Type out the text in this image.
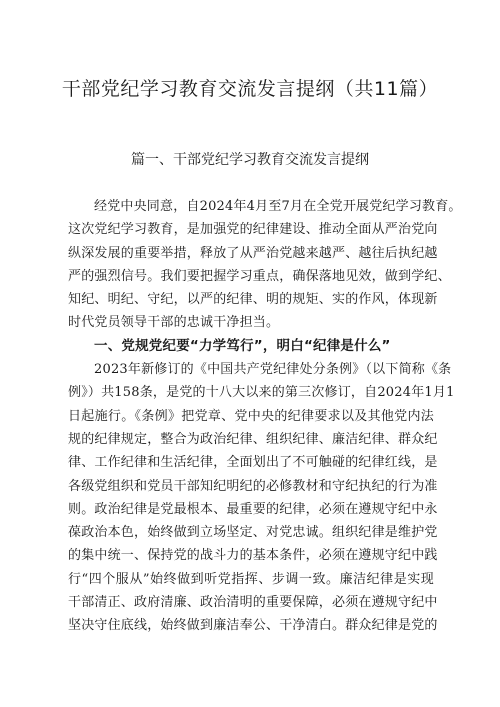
干部党纪学习教育交流发言提纲（共11篇）
篇一、干部党纪学习教育交流发言提纲
经党中央同意，自2024年4月至7月在全党开展党纪学习教育。
这次党纪学习教育，是加强党的纪律建设、推动全面从严治党向
纵深发展的重要举措，释放了从严治党越来越严、越往后执纪越
严的强烈信号。我们要把握学习重点，确保落地见效，做到学纪、
知纪、明纪、守纪，以严的纪律、明的规矩、实的作风，体现新
时代党员领导干部的忠诚干净担当。
一、党规党纪要“力学笃行”，明白“纪律是什么”
2023年新修订的《中国共产党纪律处分条例》（以下简称《条
例》）共158条，是党的十八大以来的第三次修订，自2024年1月1
日起施行。《条例》把党章、党中央的纪律要求以及其他党内法
规的纪律规定，整合为政治纪律、组织纪律、廉洁纪律、群众纪
律、工作纪律和生活纪律，全面划出了不可触碰的纪律红线，是
各级党组织和党员干部知纪明纪的必修教材和守纪执纪的行为准
则。政治纪律是党最根本、最重要的纪律，必须在遵规守纪中永
葆政治本色，始终做到立场坚定、对党忠诚。组织纪律是维护党
的集中统一、保持党的战斗力的基本条件，必须在遵规守纪中践
行“四个服从”始终做到听党指挥、步调一致。廉洁纪律是实现
干部清正、政府清廉、政治清明的重要保障，必须在遵规守纪中
坚决守住底线，始终做到廉洁奉公、干净清白。群众纪律是党的
